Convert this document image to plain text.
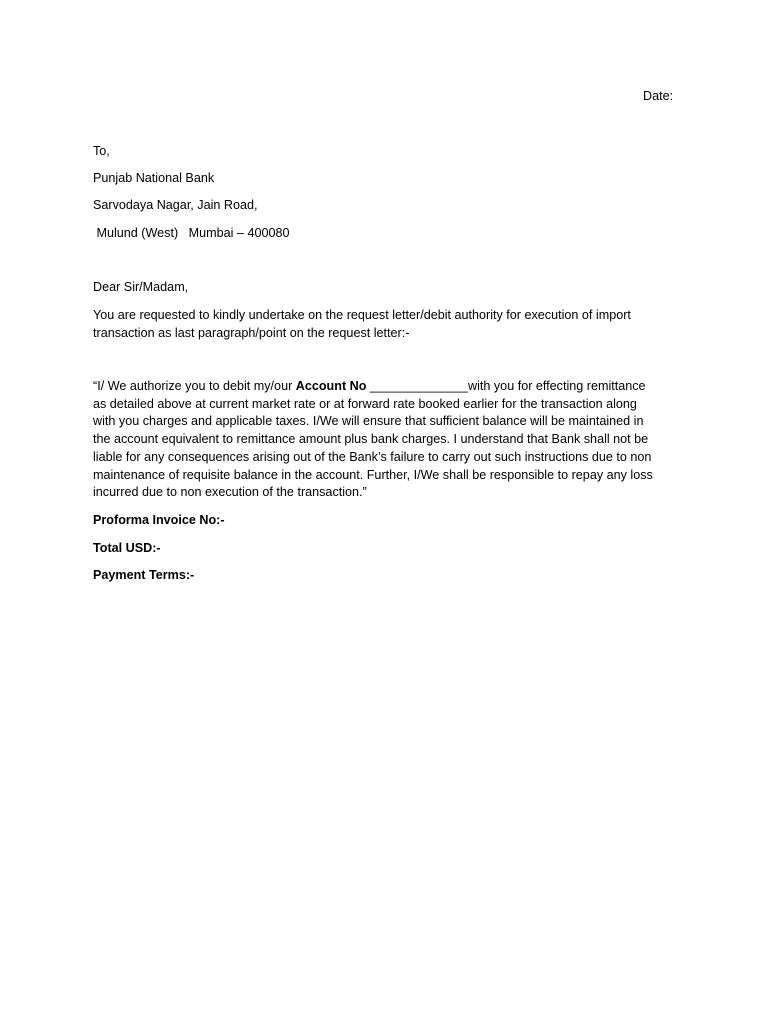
Date:
To,
Punjab National Bank
Sarvodaya Nagar, Jain Road,
Mulund (West)   Mumbai – 400080
Dear Sir/Madam,
You are requested to kindly undertake on the request letter/debit authority for execution of import
transaction as last paragraph/point on the request letter:-
“I/ We authorize you to debit my/our Account No ______________with you for effecting remittance
as detailed above at current market rate or at forward rate booked earlier for the transaction along
with you charges and applicable taxes. I/We will ensure that sufficient balance will be maintained in
the account equivalent to remittance amount plus bank charges. I understand that Bank shall not be
liable for any consequences arising out of the Bank’s failure to carry out such instructions due to non
maintenance of requisite balance in the account. Further, I/We shall be responsible to repay any loss
incurred due to non execution of the transaction.”
Proforma Invoice No:-
Total USD:-
Payment Terms:-
